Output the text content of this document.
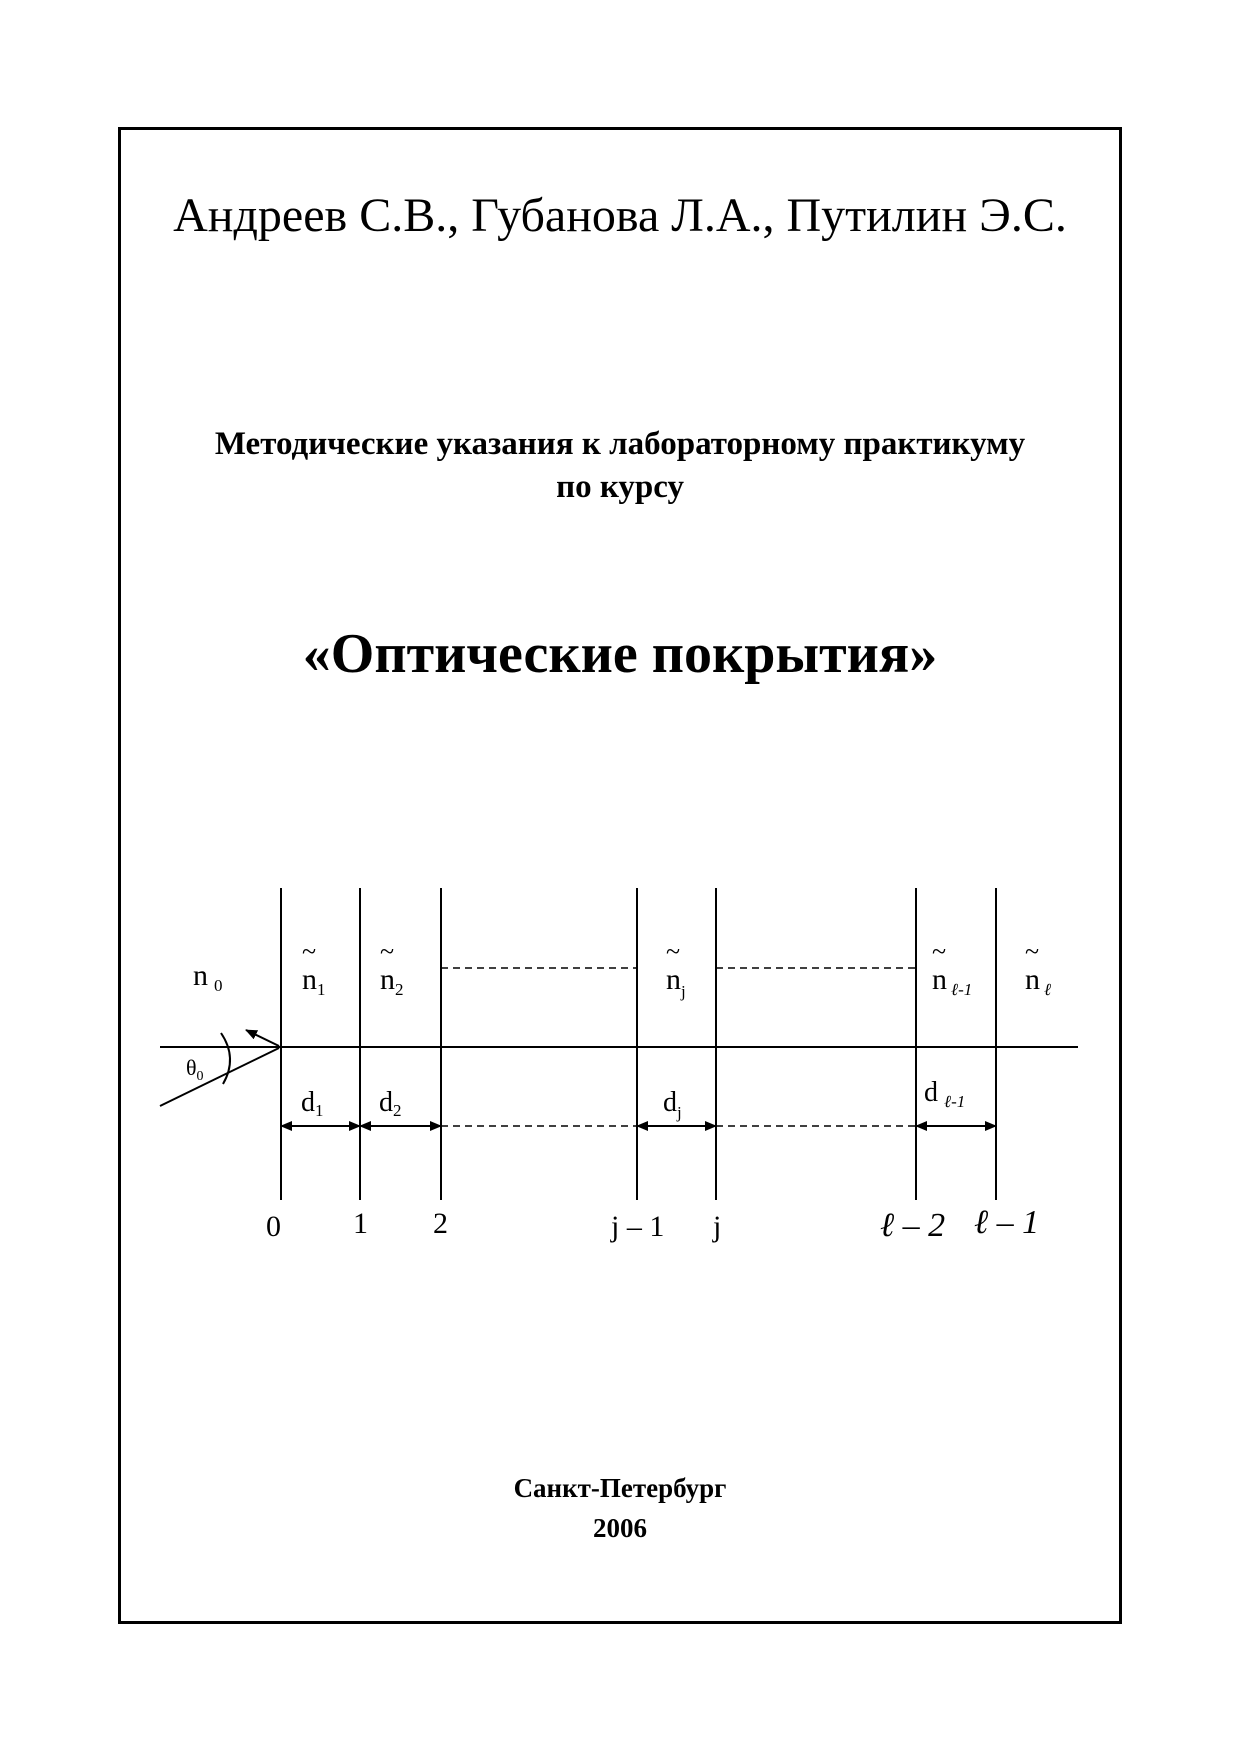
Андреев С.В., Губанова Л.А., Путилин Э.С.
Методические указания к лабораторному практикуму
по курсу
«Оптические покрытия»
n $_0$
$\theta_0$
~
$n_1$
~
$n_2$
~
$n_j$
~
n $_{\ell-1}$
~
n $_\ell$
d1 d2	$d_j$
d $_{\ell-1}$
0 1 2	j – 1 j	ℓ – 2 ℓ – 1
Санкт-Петербург
2006
